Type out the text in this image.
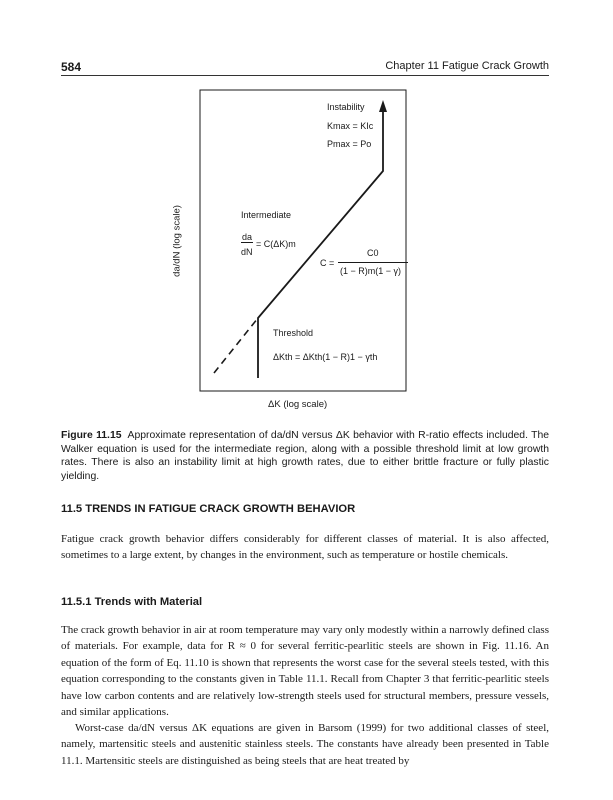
584	Chapter 11 Fatigue Crack Growth
da/dN (log scale)
ΔK (log scale)
Instability
Kmax = KIc
Pmax = Po
Intermediate
da
dN
= C(ΔK)m
C =
C0
(1 − R)m(1 − γ)
Threshold
ΔKth = ΔKth(1 − R)1 − γth
Figure 11.15 Approximate representation of da/dN versus ΔK behavior with R-ratio effects included. The Walker equation is used for the intermediate region, along with a possible threshold limit at low growth rates. There is also an instability limit at high growth rates, due to either brittle fracture or fully plastic yielding.
11.5 TRENDS IN FATIGUE CRACK GROWTH BEHAVIOR

Fatigue crack growth behavior differs considerably for different classes of material. It is also affected, sometimes to a large extent, by changes in the environment, such as temperature or hostile chemicals.

11.5.1 Trends with Material

The crack growth behavior in air at room temperature may vary only modestly within a narrowly defined class of materials. For example, data for R ≈ 0 for several ferritic-pearlitic steels are shown in Fig. 11.16. An equation of the form of Eq. 11.10 is shown that represents the worst case for the several steels tested, with this equation corresponding to the constants given in Table 11.1. Recall from Chapter 3 that ferritic-pearlitic steels have low carbon contents and are relatively low-strength steels used for structural members, pressure vessels, and similar applications.

Worst-case da/dN versus ΔK equations are given in Barsom (1999) for two additional classes of steel, namely, martensitic steels and austenitic stainless steels. The constants have already been presented in Table 11.1. Martensitic steels are distinguished as being steels that are heat treated by
